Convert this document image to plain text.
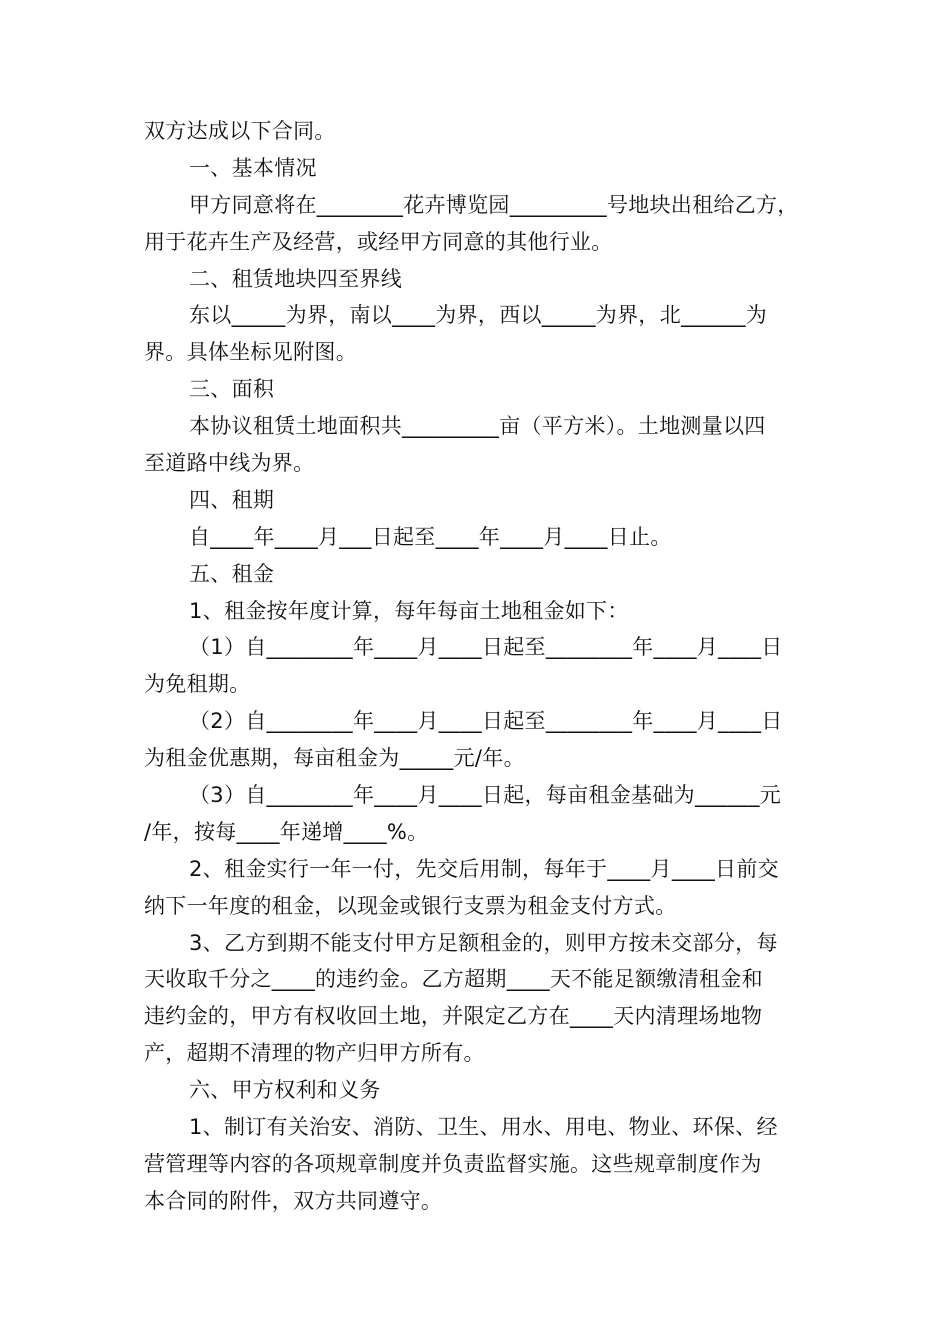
双方达成以下合同。
一、基本情况
甲方同意将在________花卉博览园_________号地块出租给乙方，
用于花卉生产及经营，或经甲方同意的其他行业。
二、租赁地块四至界线
东以_____为界，南以____为界，西以_____为界，北______为
界。具体坐标见附图。
三、面积
本协议租赁土地面积共_________亩（平方米）。土地测量以四
至道路中线为界。
四、租期
自____年____月___日起至____年____月____日止。
五、租金
1、租金按年度计算，每年每亩土地租金如下：
（1）自________年____月____日起至________年____月____日
为免租期。
（2）自________年____月____日起至________年____月____日
为租金优惠期，每亩租金为_____元/年。
（3）自________年____月____日起，每亩租金基础为______元
/年，按每____年递增____%。
2、租金实行一年一付，先交后用制，每年于____月____日前交
纳下一年度的租金，以现金或银行支票为租金支付方式。
3、乙方到期不能支付甲方足额租金的，则甲方按未交部分，每
天收取千分之____的违约金。乙方超期____天不能足额缴清租金和
违约金的，甲方有权收回土地，并限定乙方在____天内清理场地物
产，超期不清理的物产归甲方所有。
六、甲方权利和义务
1、制订有关治安、消防、卫生、用水、用电、物业、环保、经
营管理等内容的各项规章制度并负责监督实施。这些规章制度作为
本合同的附件，双方共同遵守。
